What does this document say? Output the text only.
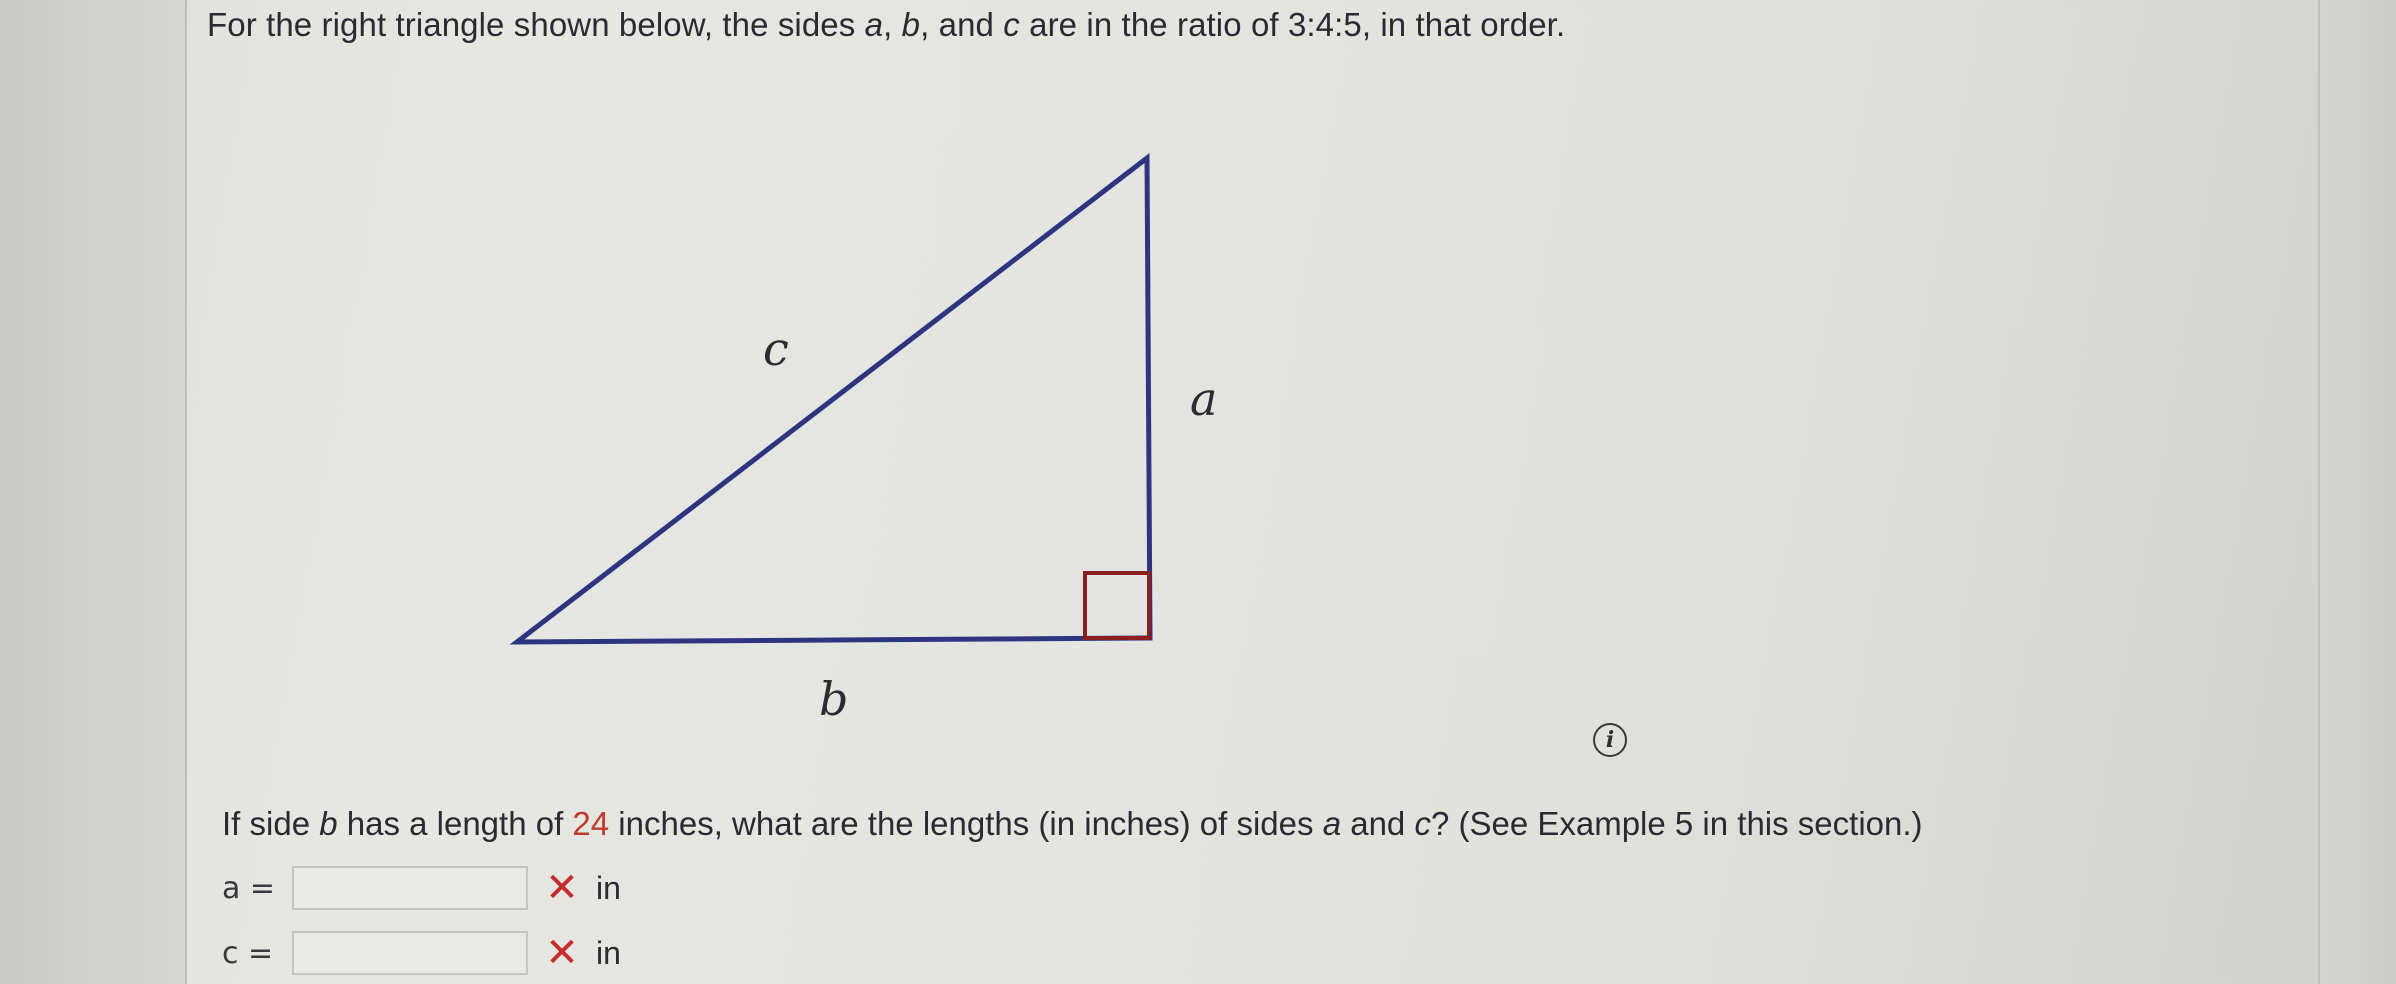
For the right triangle shown below, the sides a, b, and c are in the ratio of 3:4:5, in that order.
c
a
b
i
If side b has a length of 24 inches, what are the lengths (in inches) of sides a and c? (See Example 5 in this section.)
a =	✕ in
c =	✕ in
